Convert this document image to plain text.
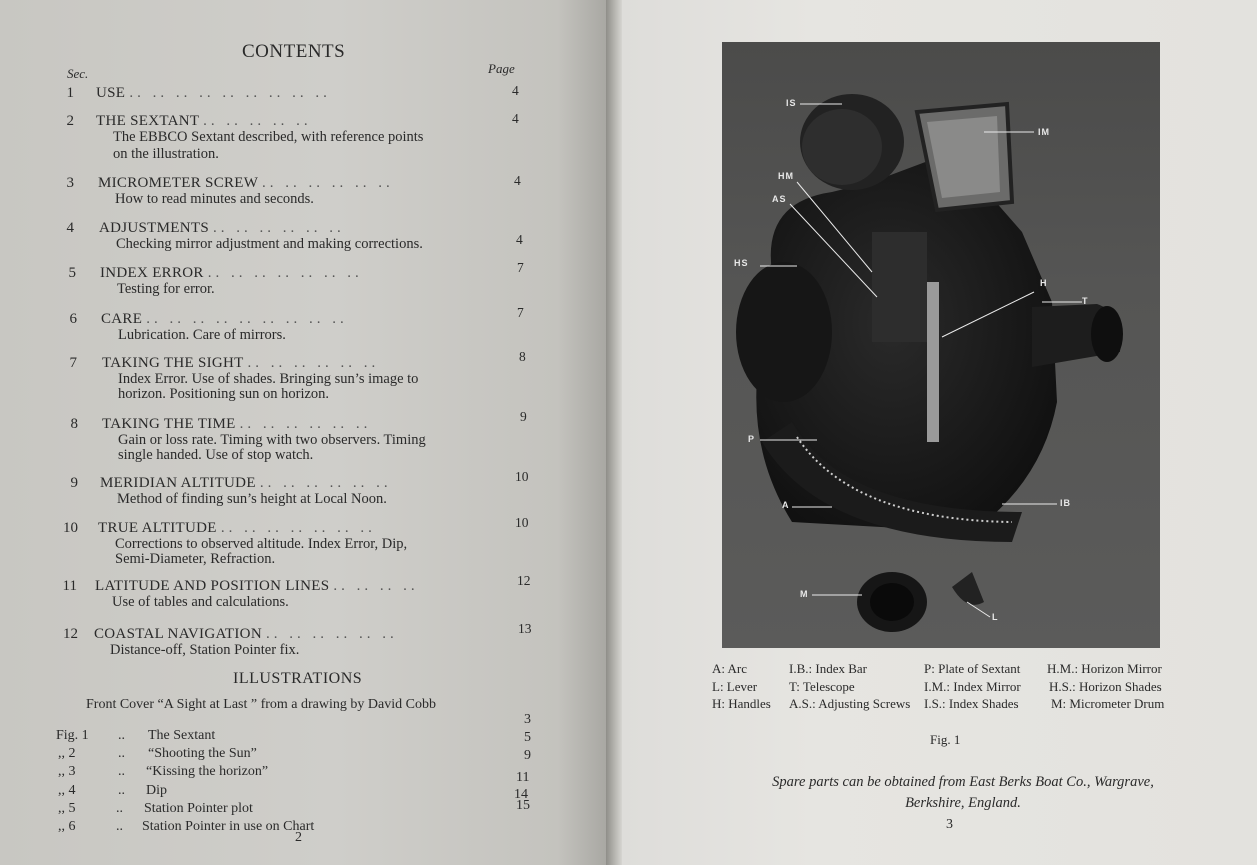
CONTENTS
Sec.	Page
1 USE .. .. .. .. .. .. .. .. ..	4
2 THE SEXTANT .. .. .. .. ..
The EBBCO Sextant described, with reference points
on the illustration.
4
3 MICROMETER SCREW .. .. .. .. .. ..
How to read minutes and seconds.
4
4 ADJUSTMENTS .. .. .. .. .. ..
Checking mirror adjustment and making corrections.	4
5 INDEX ERROR .. .. .. .. .. .. ..
Testing for error.
7
6 CARE .. .. .. .. .. .. .. .. ..
Lubrication. Care of mirrors.
7
7 TAKING THE SIGHT .. .. .. .. .. ..
Index Error. Use of shades. Bringing sun’s image to
horizon. Positioning sun on horizon.
8
8 TAKING THE TIME .. .. .. .. .. ..
Gain or loss rate. Timing with two observers. Timing
single handed. Use of stop watch.
9
9 MERIDIAN ALTITUDE .. .. .. .. .. ..
Method of finding sun’s height at Local Noon.
10
10 TRUE ALTITUDE .. .. .. .. .. .. ..
Corrections to observed altitude. Index Error, Dip,
Semi-Diameter, Refraction.
10
11 LATITUDE AND POSITION LINES .. .. .. ..
Use of tables and calculations.
12
12 COASTAL NAVIGATION .. .. .. .. .. ..
Distance-off, Station Pointer fix.
13
ILLUSTRATIONS
Front Cover “A Sight at Last ” from a drawing by David Cobb
Fig. 1 .. The Sextant
3
,, 2	.. “Shooting the Sun”
5
,, 3	.. “Kissing the horizon”
9
,, 4	.. Dip
11
,, 5	.. Station Pointer plot
14
,, 6	.. Station Pointer in use on Chart
15
2
IS
IM
HM
AS
HS
H
T
P
A	IB
M
L
A: Arc	I.B.: Index Bar	P: Plate of Sextant H.M.: Horizon Mirror
L: Lever T: Telescope	I.M.: Index Mirror H.S.: Horizon Shades
H: Handles A.S.: Adjusting Screws I.S.: Index Shades M: Micrometer Drum
Fig. 1
Spare parts can be obtained from East Berks Boat Co., Wargrave,
Berkshire, England.
3
